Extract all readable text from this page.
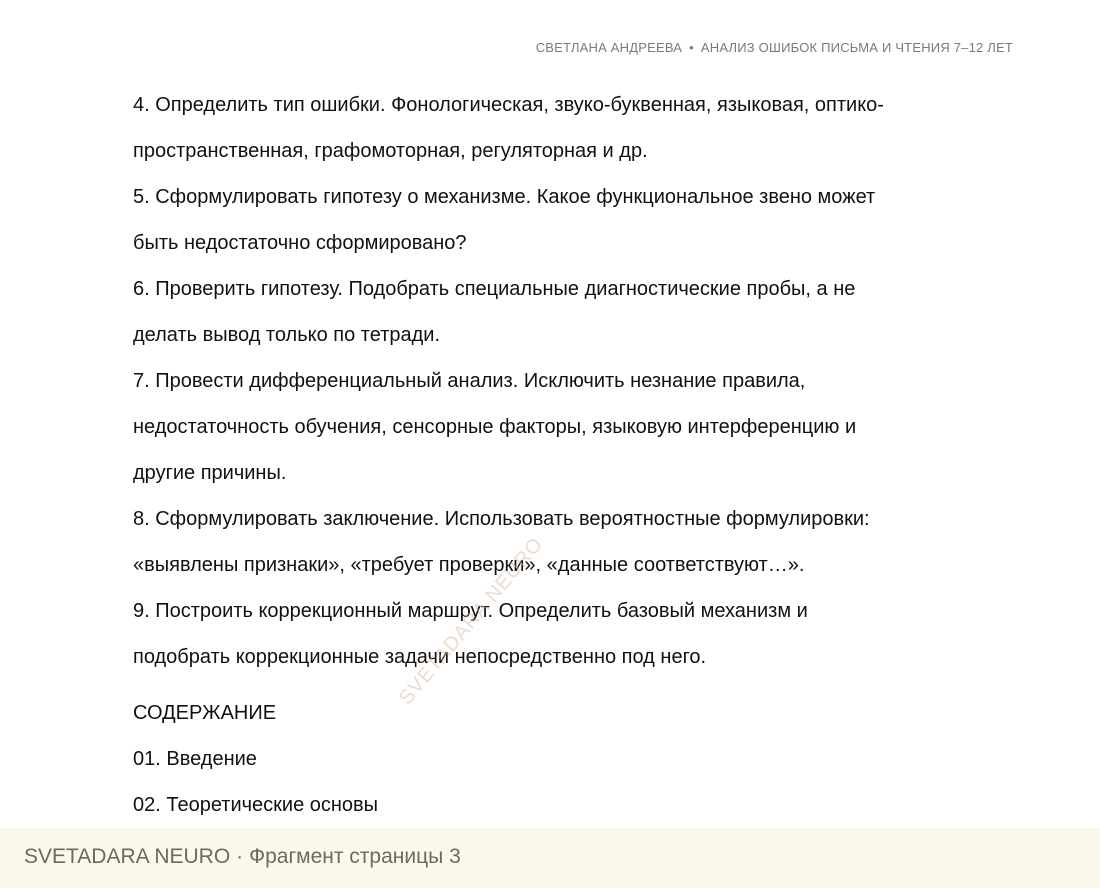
СВЕТЛАНА АНДРЕЕВА • АНАЛИЗ ОШИБОК ПИСЬМА И ЧТЕНИЯ 7–12 ЛЕТ
4. Определить тип ошибки. Фонологическая, звуко-буквенная, языковая, оптико-
пространственная, графомоторная, регуляторная и др.
5. Сформулировать гипотезу о механизме. Какое функциональное звено может
быть недостаточно сформировано?
6. Проверить гипотезу. Подобрать специальные диагностические пробы, а не
делать вывод только по тетради.
7. Провести дифференциальный анализ. Исключить незнание правила,
недостаточность обучения, сенсорные факторы, языковую интерференцию и
другие причины.
8. Сформулировать заключение. Использовать вероятностные формулировки:
«выявлены признаки», «требует проверки», «данные соответствуют…».
9. Построить коррекционный маршрут. Определить базовый механизм и
подобрать коррекционные задачи непосредственно под него.
СОДЕРЖАНИЕ
01. Введение
02. Теоретические основы
SVETADARA NEURO
SVETADARA NEURO · Фрагмент страницы 3
